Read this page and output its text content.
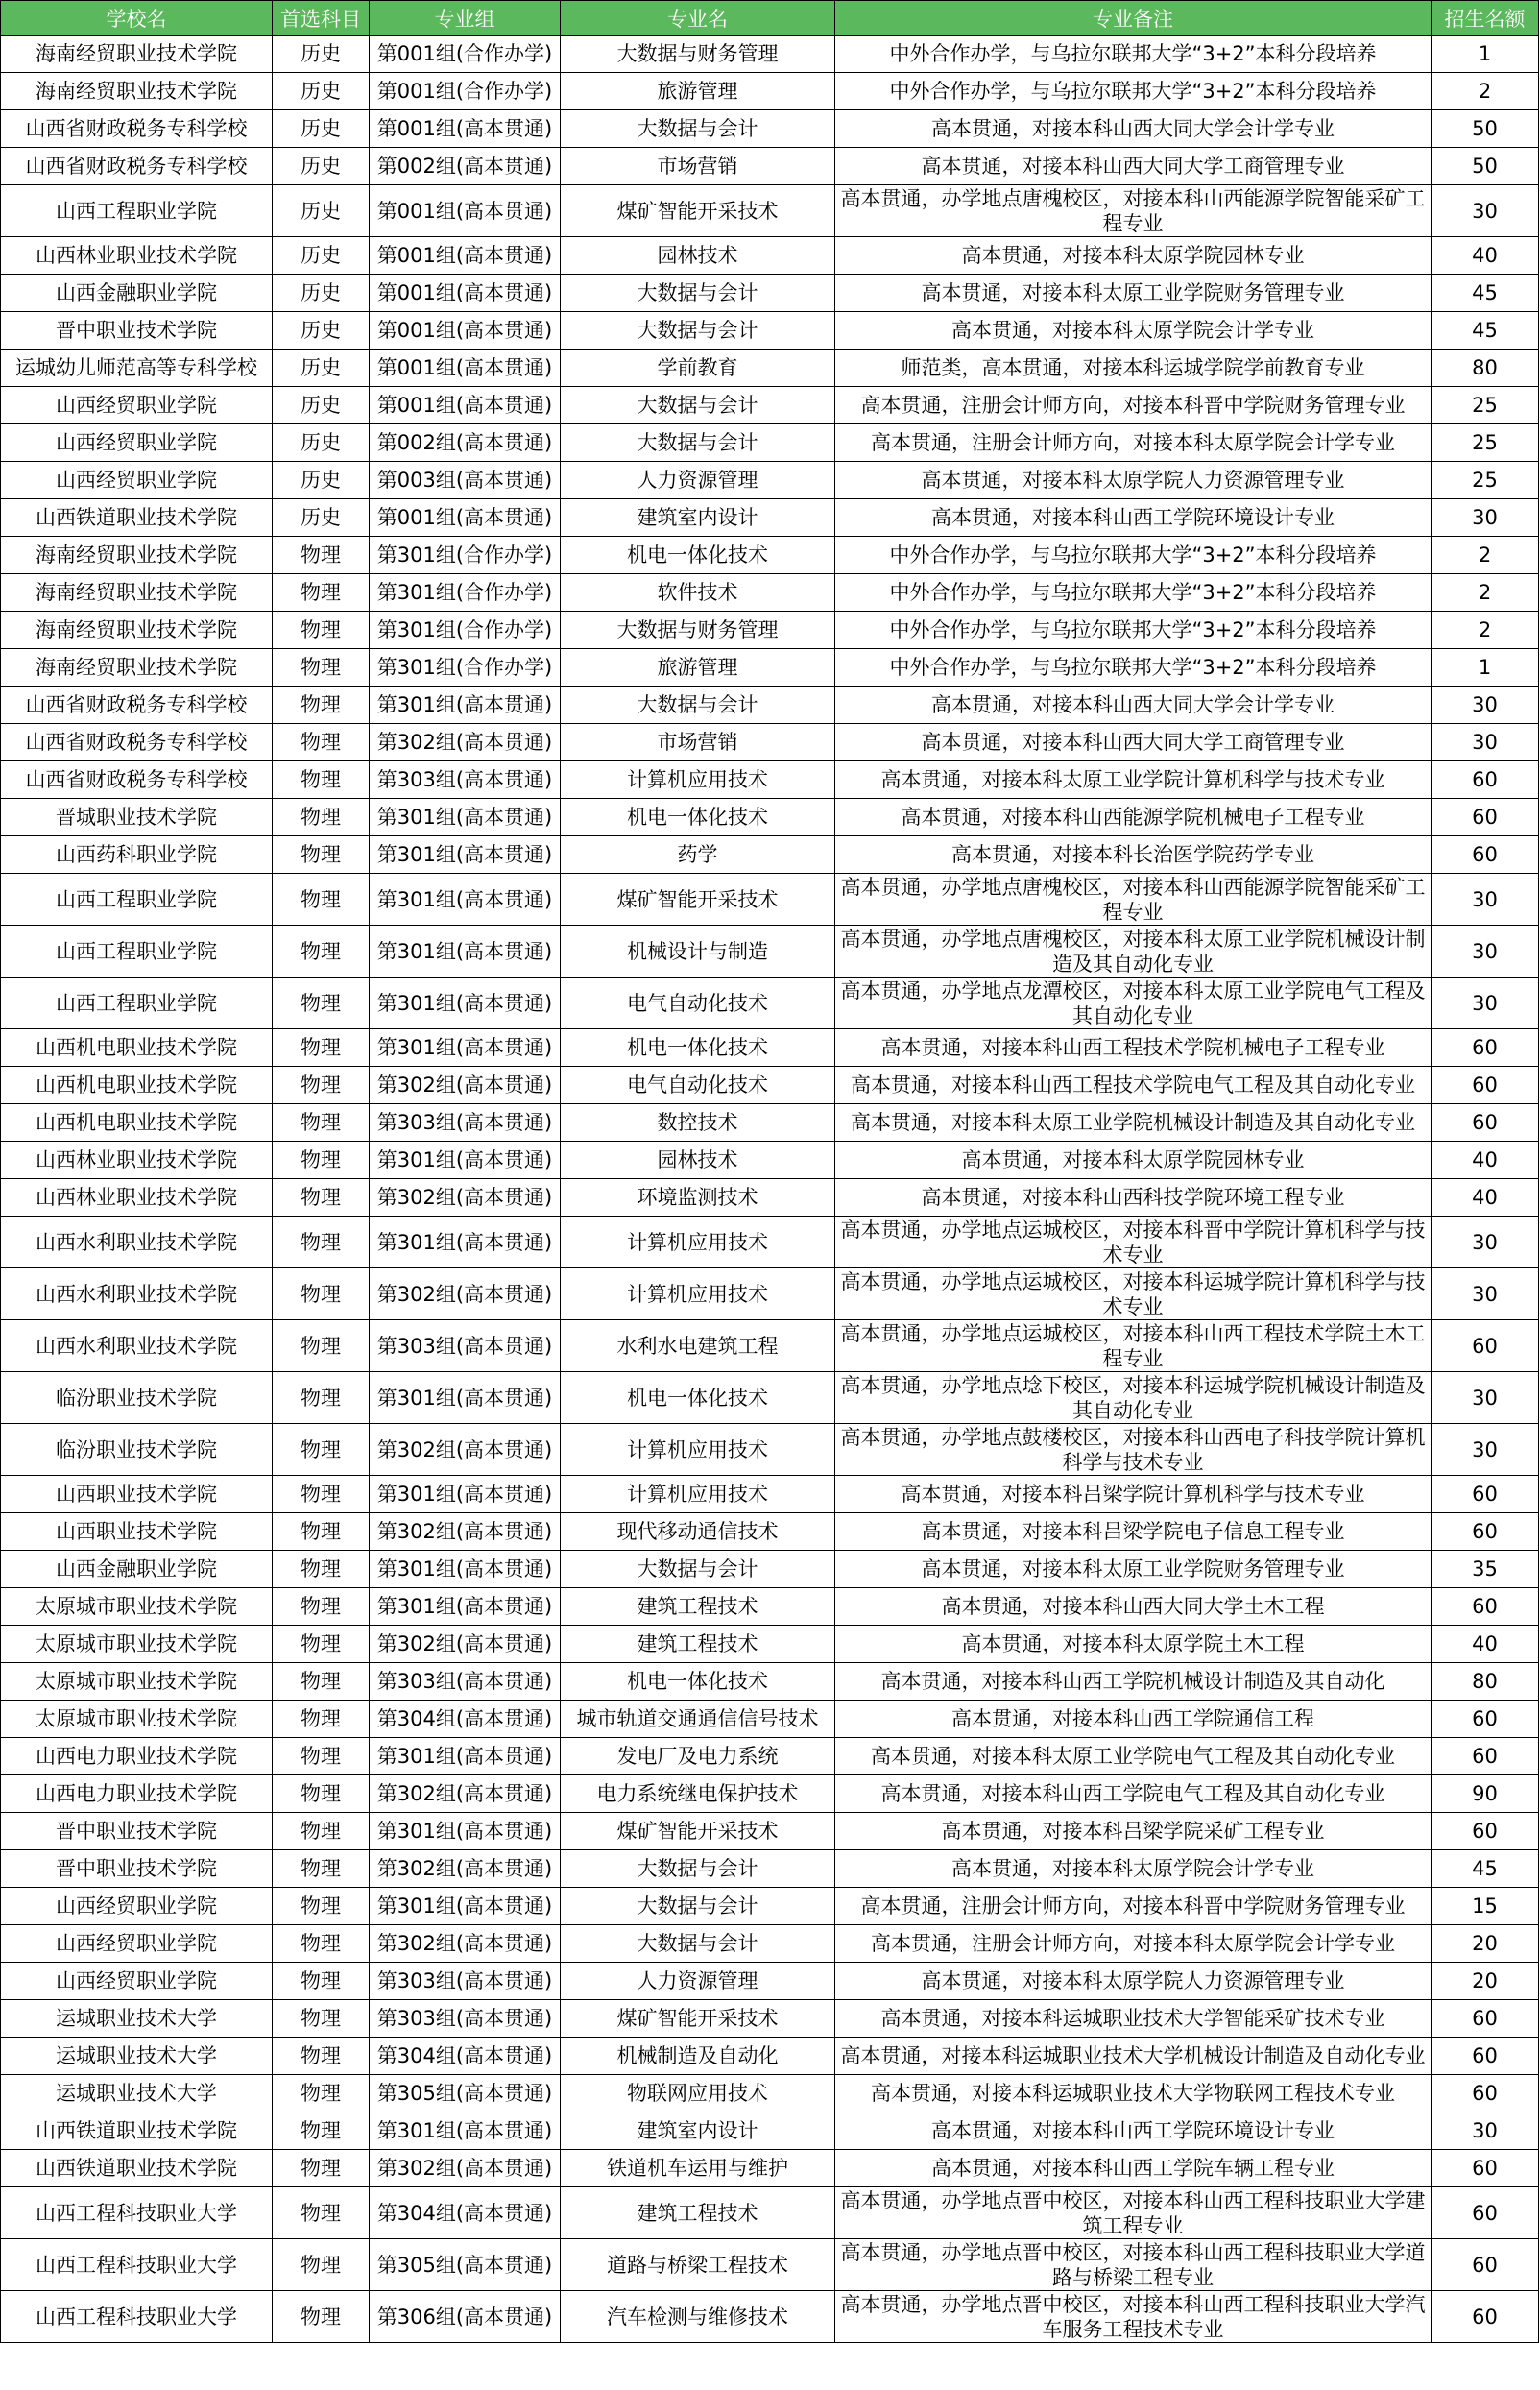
学校名	首选科目	专业组	专业名	专业备注	招生名额
海南经贸职业技术学院	历史	第001组(合作办学)	大数据与财务管理	中外合作办学，与乌拉尔联邦大学“3+2”本科分段培养	1
海南经贸职业技术学院	历史	第001组(合作办学)	旅游管理	中外合作办学，与乌拉尔联邦大学“3+2”本科分段培养	2
山西省财政税务专科学校	历史	第001组(高本贯通)	大数据与会计	高本贯通，对接本科山西大同大学会计学专业	50
山西省财政税务专科学校	历史	第002组(高本贯通)	市场营销	高本贯通，对接本科山西大同大学工商管理专业	50
山西工程职业学院	历史	第001组(高本贯通)	煤矿智能开采技术	高本贯通，办学地点唐槐校区，对接本科山西能源学院智能采矿工程专业	30
山西林业职业技术学院	历史	第001组(高本贯通)	园林技术	高本贯通，对接本科太原学院园林专业	40
山西金融职业学院	历史	第001组(高本贯通)	大数据与会计	高本贯通，对接本科太原工业学院财务管理专业	45
晋中职业技术学院	历史	第001组(高本贯通)	大数据与会计	高本贯通，对接本科太原学院会计学专业	45
运城幼儿师范高等专科学校	历史	第001组(高本贯通)	学前教育	师范类，高本贯通，对接本科运城学院学前教育专业	80
山西经贸职业学院	历史	第001组(高本贯通)	大数据与会计	高本贯通，注册会计师方向，对接本科晋中学院财务管理专业	25
山西经贸职业学院	历史	第002组(高本贯通)	大数据与会计	高本贯通，注册会计师方向，对接本科太原学院会计学专业	25
山西经贸职业学院	历史	第003组(高本贯通)	人力资源管理	高本贯通，对接本科太原学院人力资源管理专业	25
山西铁道职业技术学院	历史	第001组(高本贯通)	建筑室内设计	高本贯通，对接本科山西工学院环境设计专业	30
海南经贸职业技术学院	物理	第301组(合作办学)	机电一体化技术	中外合作办学，与乌拉尔联邦大学“3+2”本科分段培养	2
海南经贸职业技术学院	物理	第301组(合作办学)	软件技术	中外合作办学，与乌拉尔联邦大学“3+2”本科分段培养	2
海南经贸职业技术学院	物理	第301组(合作办学)	大数据与财务管理	中外合作办学，与乌拉尔联邦大学“3+2”本科分段培养	2
海南经贸职业技术学院	物理	第301组(合作办学)	旅游管理	中外合作办学，与乌拉尔联邦大学“3+2”本科分段培养	1
山西省财政税务专科学校	物理	第301组(高本贯通)	大数据与会计	高本贯通，对接本科山西大同大学会计学专业	30
山西省财政税务专科学校	物理	第302组(高本贯通)	市场营销	高本贯通，对接本科山西大同大学工商管理专业	30
山西省财政税务专科学校	物理	第303组(高本贯通)	计算机应用技术	高本贯通，对接本科太原工业学院计算机科学与技术专业	60
晋城职业技术学院	物理	第301组(高本贯通)	机电一体化技术	高本贯通，对接本科山西能源学院机械电子工程专业	60
山西药科职业学院	物理	第301组(高本贯通)	药学	高本贯通，对接本科长治医学院药学专业	60
山西工程职业学院	物理	第301组(高本贯通)	煤矿智能开采技术	高本贯通，办学地点唐槐校区，对接本科山西能源学院智能采矿工程专业	30
山西工程职业学院	物理	第301组(高本贯通)	机械设计与制造	高本贯通，办学地点唐槐校区，对接本科太原工业学院机械设计制造及其自动化专业	30
山西工程职业学院	物理	第301组(高本贯通)	电气自动化技术	高本贯通，办学地点龙潭校区，对接本科太原工业学院电气工程及其自动化专业	30
山西机电职业技术学院	物理	第301组(高本贯通)	机电一体化技术	高本贯通，对接本科山西工程技术学院机械电子工程专业	60
山西机电职业技术学院	物理	第302组(高本贯通)	电气自动化技术	高本贯通，对接本科山西工程技术学院电气工程及其自动化专业	60
山西机电职业技术学院	物理	第303组(高本贯通)	数控技术	高本贯通，对接本科太原工业学院机械设计制造及其自动化专业	60
山西林业职业技术学院	物理	第301组(高本贯通)	园林技术	高本贯通，对接本科太原学院园林专业	40
山西林业职业技术学院	物理	第302组(高本贯通)	环境监测技术	高本贯通，对接本科山西科技学院环境工程专业	40
山西水利职业技术学院	物理	第301组(高本贯通)	计算机应用技术	高本贯通，办学地点运城校区，对接本科晋中学院计算机科学与技术专业	30
山西水利职业技术学院	物理	第302组(高本贯通)	计算机应用技术	高本贯通，办学地点运城校区，对接本科运城学院计算机科学与技术专业	30
山西水利职业技术学院	物理	第303组(高本贯通)	水利水电建筑工程	高本贯通，办学地点运城校区，对接本科山西工程技术学院土木工程专业	60
临汾职业技术学院	物理	第301组(高本贯通)	机电一体化技术	高本贯通，办学地点埝下校区，对接本科运城学院机械设计制造及其自动化专业	30
临汾职业技术学院	物理	第302组(高本贯通)	计算机应用技术	高本贯通，办学地点鼓楼校区，对接本科山西电子科技学院计算机科学与技术专业	30
山西职业技术学院	物理	第301组(高本贯通)	计算机应用技术	高本贯通，对接本科吕梁学院计算机科学与技术专业	60
山西职业技术学院	物理	第302组(高本贯通)	现代移动通信技术	高本贯通，对接本科吕梁学院电子信息工程专业	60
山西金融职业学院	物理	第301组(高本贯通)	大数据与会计	高本贯通，对接本科太原工业学院财务管理专业	35
太原城市职业技术学院	物理	第301组(高本贯通)	建筑工程技术	高本贯通，对接本科山西大同大学土木工程	60
太原城市职业技术学院	物理	第302组(高本贯通)	建筑工程技术	高本贯通，对接本科太原学院土木工程	40
太原城市职业技术学院	物理	第303组(高本贯通)	机电一体化技术	高本贯通，对接本科山西工学院机械设计制造及其自动化	80
太原城市职业技术学院	物理	第304组(高本贯通)	城市轨道交通通信信号技术	高本贯通，对接本科山西工学院通信工程	60
山西电力职业技术学院	物理	第301组(高本贯通)	发电厂及电力系统	高本贯通，对接本科太原工业学院电气工程及其自动化专业	60
山西电力职业技术学院	物理	第302组(高本贯通)	电力系统继电保护技术	高本贯通，对接本科山西工学院电气工程及其自动化专业	90
晋中职业技术学院	物理	第301组(高本贯通)	煤矿智能开采技术	高本贯通，对接本科吕梁学院采矿工程专业	60
晋中职业技术学院	物理	第302组(高本贯通)	大数据与会计	高本贯通，对接本科太原学院会计学专业	45
山西经贸职业学院	物理	第301组(高本贯通)	大数据与会计	高本贯通，注册会计师方向，对接本科晋中学院财务管理专业	15
山西经贸职业学院	物理	第302组(高本贯通)	大数据与会计	高本贯通，注册会计师方向，对接本科太原学院会计学专业	20
山西经贸职业学院	物理	第303组(高本贯通)	人力资源管理	高本贯通，对接本科太原学院人力资源管理专业	20
运城职业技术大学	物理	第303组(高本贯通)	煤矿智能开采技术	高本贯通，对接本科运城职业技术大学智能采矿技术专业	60
运城职业技术大学	物理	第304组(高本贯通)	机械制造及自动化	高本贯通，对接本科运城职业技术大学机械设计制造及自动化专业	60
运城职业技术大学	物理	第305组(高本贯通)	物联网应用技术	高本贯通，对接本科运城职业技术大学物联网工程技术专业	60
山西铁道职业技术学院	物理	第301组(高本贯通)	建筑室内设计	高本贯通，对接本科山西工学院环境设计专业	30
山西铁道职业技术学院	物理	第302组(高本贯通)	铁道机车运用与维护	高本贯通，对接本科山西工学院车辆工程专业	60
山西工程科技职业大学	物理	第304组(高本贯通)	建筑工程技术	高本贯通，办学地点晋中校区，对接本科山西工程科技职业大学建筑工程专业	60
山西工程科技职业大学	物理	第305组(高本贯通)	道路与桥梁工程技术	高本贯通，办学地点晋中校区，对接本科山西工程科技职业大学道路与桥梁工程专业	60
山西工程科技职业大学	物理	第306组(高本贯通)	汽车检测与维修技术	高本贯通，办学地点晋中校区，对接本科山西工程科技职业大学汽车服务工程技术专业	60
